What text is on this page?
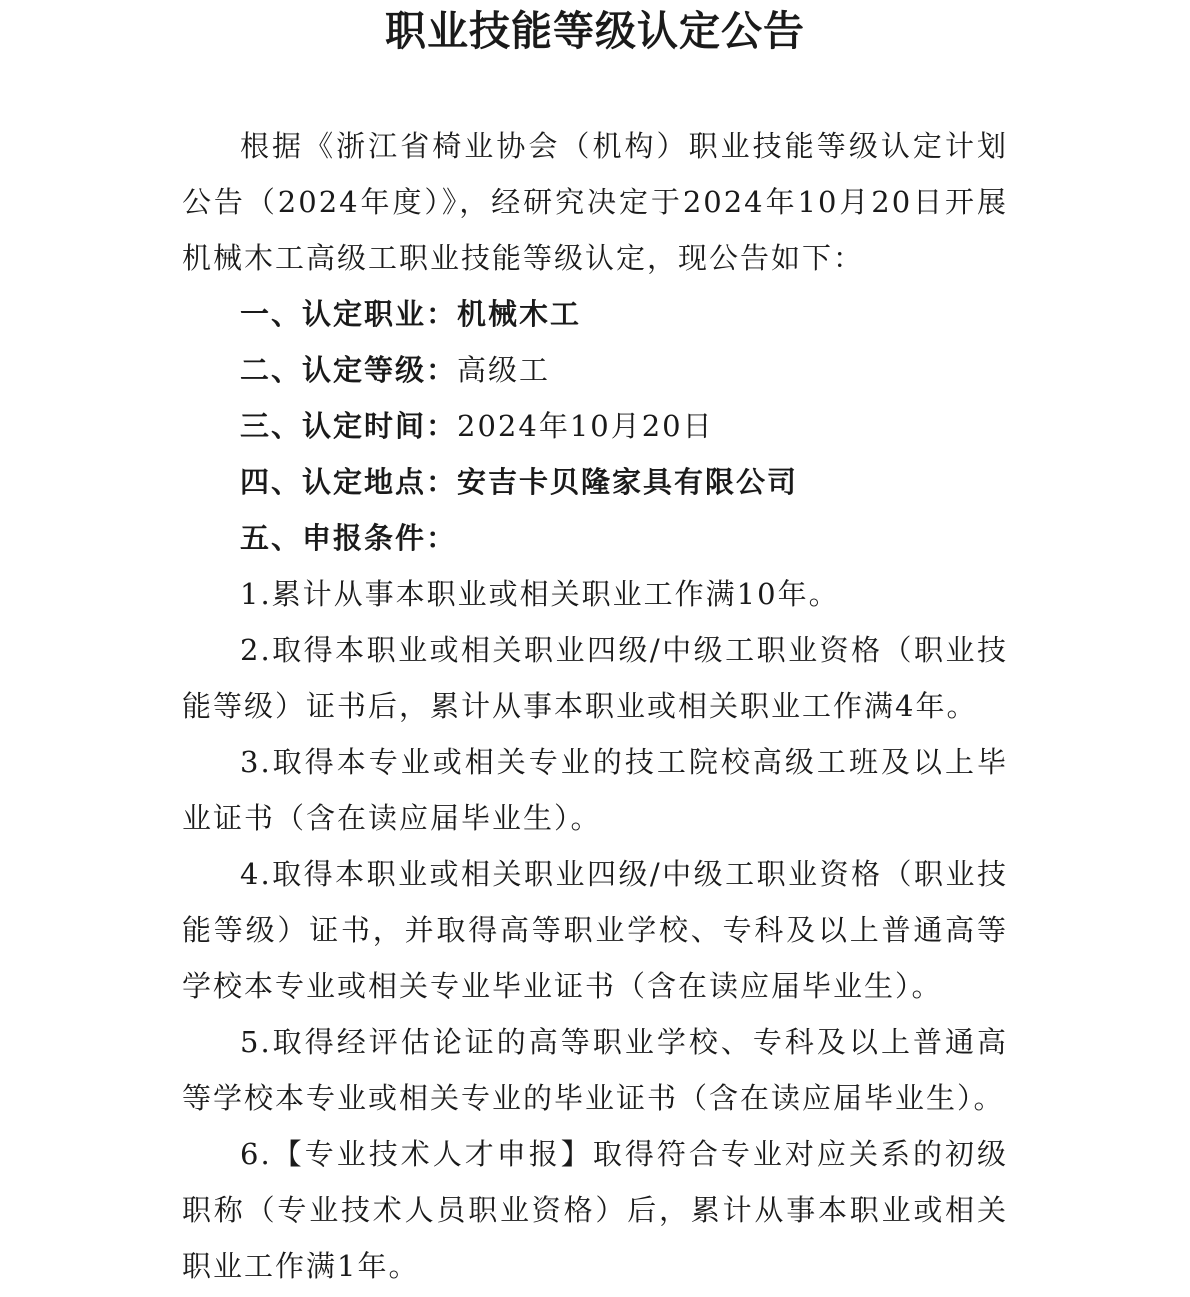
职业技能等级认定公告

根据《浙江省椅业协会（机构）职业技能等级认定计划公告（2024年度）》，经研究决定于2024年10月20日开展机械木工高级工职业技能等级认定，现公告如下：

一、认定职业：机械木工

二、认定等级：高级工

三、认定时间：2024年10月20日

四、认定地点：安吉卡贝隆家具有限公司

五、申报条件：

1.累计从事本职业或相关职业工作满10年。

2.取得本职业或相关职业四级/中级工职业资格（职业技能等级）证书后，累计从事本职业或相关职业工作满4年。

3.取得本专业或相关专业的技工院校高级工班及以上毕业证书（含在读应届毕业生）。

4.取得本职业或相关职业四级/中级工职业资格（职业技能等级）证书，并取得高等职业学校、专科及以上普通高等学校本专业或相关专业毕业证书（含在读应届毕业生）。

5.取得经评估论证的高等职业学校、专科及以上普通高等学校本专业或相关专业的毕业证书（含在读应届毕业生）。

6.【专业技术人才申报】取得符合专业对应关系的初级职称（专业技术人员职业资格）后，累计从事本职业或相关职业工作满1年。
